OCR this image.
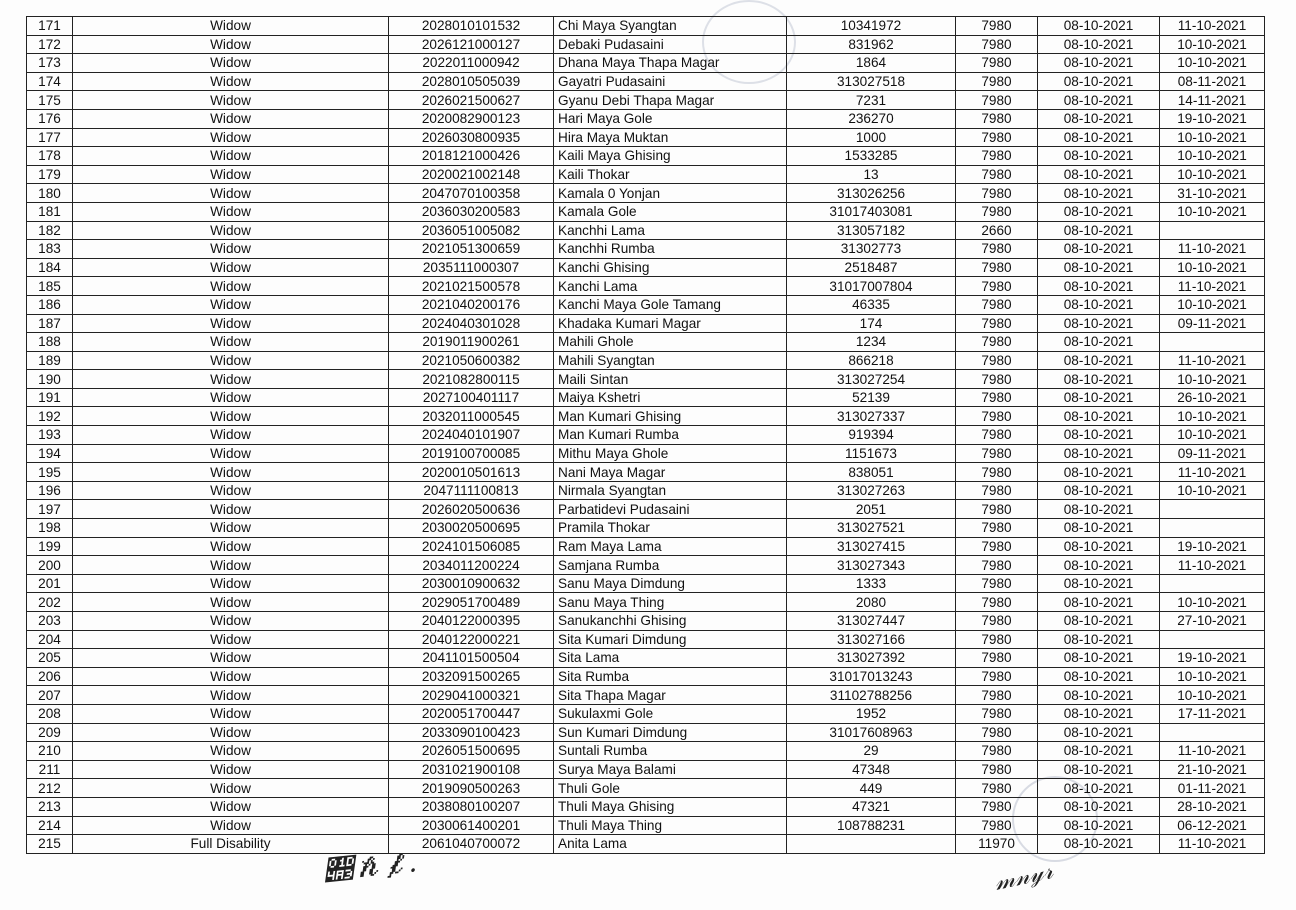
171	Widow	2028010101532	Chi Maya Syangtan	10341972	7980	08-10-2021	11-10-2021
172	Widow	2026121000127	Debaki Pudasaini	831962	7980	08-10-2021	10-10-2021
173	Widow	2022011000942	Dhana Maya Thapa Magar	1864	7980	08-10-2021	10-10-2021
174	Widow	2028010505039	Gayatri Pudasaini	313027518	7980	08-10-2021	08-11-2021
175	Widow	2026021500627	Gyanu Debi Thapa Magar	7231	7980	08-10-2021	14-11-2021
176	Widow	2020082900123	Hari Maya Gole	236270	7980	08-10-2021	19-10-2021
177	Widow	2026030800935	Hira Maya Muktan	1000	7980	08-10-2021	10-10-2021
178	Widow	2018121000426	Kaili Maya Ghising	1533285	7980	08-10-2021	10-10-2021
179	Widow	2020021002148	Kaili Thokar	13	7980	08-10-2021	10-10-2021
180	Widow	2047070100358	Kamala 0 Yonjan	313026256	7980	08-10-2021	31-10-2021
181	Widow	2036030200583	Kamala Gole	31017403081	7980	08-10-2021	10-10-2021
182	Widow	2036051005082	Kanchhi Lama	313057182	2660	08-10-2021	
183	Widow	2021051300659	Kanchhi Rumba	31302773	7980	08-10-2021	11-10-2021
184	Widow	2035111000307	Kanchi Ghising	2518487	7980	08-10-2021	10-10-2021
185	Widow	2021021500578	Kanchi Lama	31017007804	7980	08-10-2021	11-10-2021
186	Widow	2021040200176	Kanchi Maya Gole Tamang	46335	7980	08-10-2021	10-10-2021
187	Widow	2024040301028	Khadaka Kumari Magar	174	7980	08-10-2021	09-11-2021
188	Widow	2019011900261	Mahili Ghole	1234	7980	08-10-2021	
189	Widow	2021050600382	Mahili Syangtan	866218	7980	08-10-2021	11-10-2021
190	Widow	2021082800115	Maili Sintan	313027254	7980	08-10-2021	10-10-2021
191	Widow	2027100401117	Maiya Kshetri	52139	7980	08-10-2021	26-10-2021
192	Widow	2032011000545	Man Kumari Ghising	313027337	7980	08-10-2021	10-10-2021
193	Widow	2024040101907	Man Kumari Rumba	919394	7980	08-10-2021	10-10-2021
194	Widow	2019100700085	Mithu Maya Ghole	1151673	7980	08-10-2021	09-11-2021
195	Widow	2020010501613	Nani Maya Magar	838051	7980	08-10-2021	11-10-2021
196	Widow	2047111100813	Nirmala Syangtan	313027263	7980	08-10-2021	10-10-2021
197	Widow	2026020500636	Parbatidevi Pudasaini	2051	7980	08-10-2021	
198	Widow	2030020500695	Pramila Thokar	313027521	7980	08-10-2021	
199	Widow	2024101506085	Ram Maya Lama	313027415	7980	08-10-2021	19-10-2021
200	Widow	2034011200224	Samjana Rumba	313027343	7980	08-10-2021	11-10-2021
201	Widow	2030010900632	Sanu Maya Dimdung	1333	7980	08-10-2021	
202	Widow	2029051700489	Sanu Maya Thing	2080	7980	08-10-2021	10-10-2021
203	Widow	2040122000395	Sanukanchhi Ghising	313027447	7980	08-10-2021	27-10-2021
204	Widow	2040122000221	Sita Kumari Dimdung	313027166	7980	08-10-2021	
205	Widow	2041101500504	Sita Lama	313027392	7980	08-10-2021	19-10-2021
206	Widow	2032091500265	Sita Rumba	31017013243	7980	08-10-2021	10-10-2021
207	Widow	2029041000321	Sita Thapa Magar	31102788256	7980	08-10-2021	10-10-2021
208	Widow	2020051700447	Sukulaxmi Gole	1952	7980	08-10-2021	17-11-2021
209	Widow	2033090100423	Sun Kumari Dimdung	31017608963	7980	08-10-2021	
210	Widow	2026051500695	Suntali Rumba	29	7980	08-10-2021	11-10-2021
211	Widow	2031021900108	Surya Maya Balami	47348	7980	08-10-2021	21-10-2021
212	Widow	2019090500263	Thuli Gole	449	7980	08-10-2021	01-11-2021
213	Widow	2038080100207	Thuli Maya Ghising	47321	7980	08-10-2021	28-10-2021
214	Widow	2030061400201	Thuli Maya Thing	108788231	7980	08-10-2021	06-12-2021
215	Full Disability	2061040700072	Anita Lama		11970	08-10-2021	11-10-2021
𝒣𝒽𝒻.	𝓂𝓃𝓎𝓇
